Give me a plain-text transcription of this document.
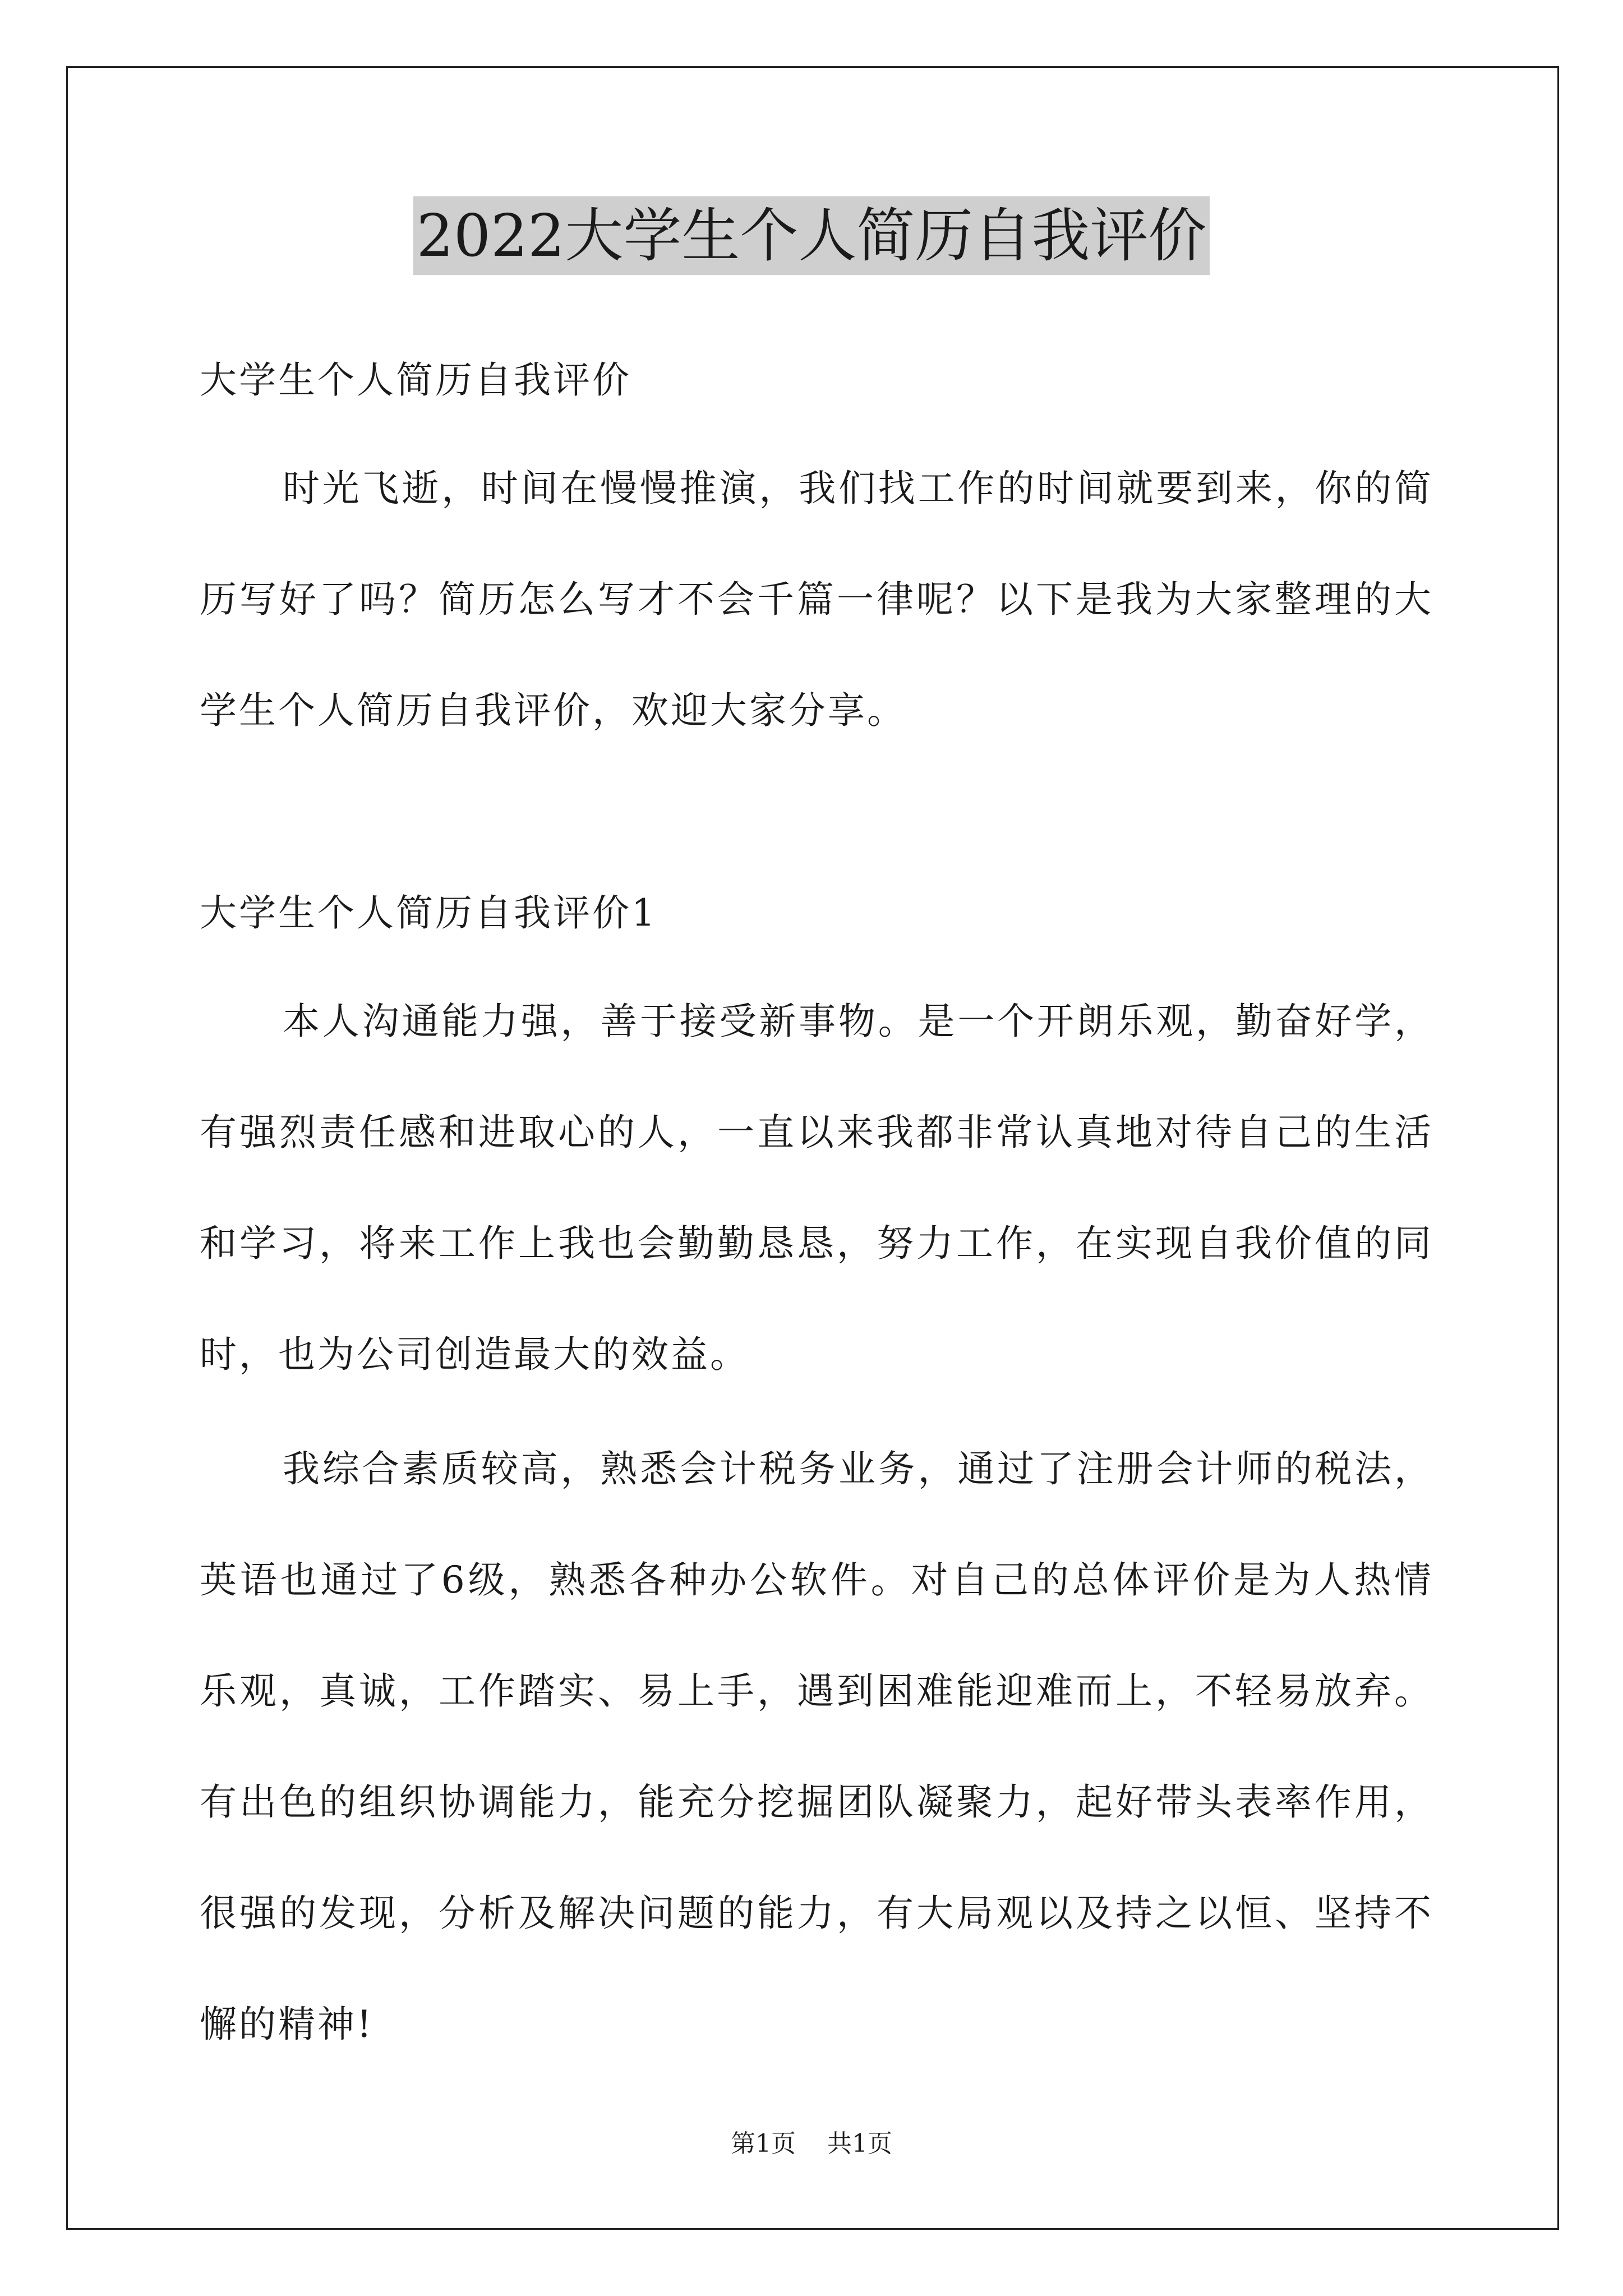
2022大学生个人简历自我评价
大学生个人简历自我评价

时光飞逝，时间在慢慢推演，我们找工作的时间就要到来，你的简历写好了吗？简历怎么写才不会千篇一律呢？以下是我为大家整理的大学生个人简历自我评价，欢迎大家分享。

大学生个人简历自我评价1

本人沟通能力强，善于接受新事物。是一个开朗乐观，勤奋好学，有强烈责任感和进取心的人，一直以来我都非常认真地对待自己的生活和学习，将来工作上我也会勤勤恳恳，努力工作，在实现自我价值的同时，也为公司创造最大的效益。

我综合素质较高，熟悉会计税务业务，通过了注册会计师的税法，英语也通过了6级，熟悉各种办公软件。对自己的总体评价是为人热情乐观，真诚，工作踏实、易上手，遇到困难能迎难而上，不轻易放弃。有出色的组织协调能力，能充分挖掘团队凝聚力，起好带头表率作用，很强的发现，分析及解决问题的能力，有大局观以及持之以恒、坚持不懈的精神!

第1页 共1页
